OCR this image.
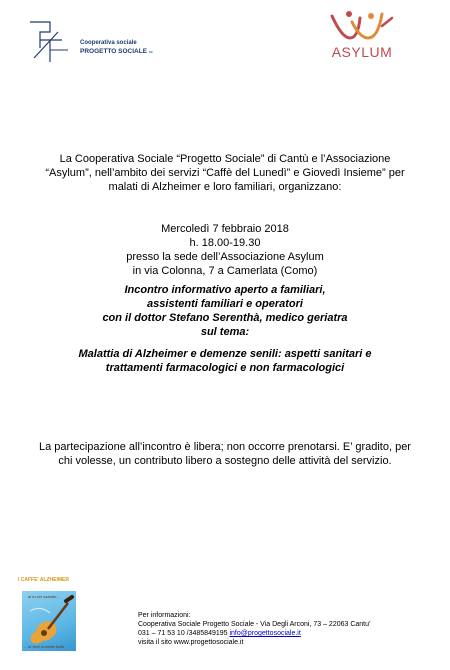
Cooperativa sociale
PROGETTO SOCIALE sc	ASYLUM
La Cooperativa Sociale “Progetto Sociale” di Cantù e l’Associazione
“Asylum”, nell’ambito dei servizi “Caffè del Lunedì” e Giovedì Insieme” per
malati di Alzheimer e loro familiari, organizzano:
Mercoledì 7 febbraio 2018
h. 18.00-19.30
presso la sede dell’Associazione Asylum
in via Colonna, 7 a Camerlata (Como)
Incontro informativo aperto a familiari,
assistenti familiari e operatori
con il dottor Stefano Serenthà, medico geriatra
sul tema:
Malattia di Alzheimer e demenze senili: aspetti sanitari e
trattamenti farmacologici e non farmacologici
La partecipazione all’incontro è libera; non occorre prenotarsi. E’ gradito, per
chi volesse, un contributo libero a sostegno delle attività del servizio.
I CAFFE' ALZHEIMER
ai tu ser ssando...
... tu' voce la chiede fiorita
Per informazioni:
Cooperativa Sociale Progetto Sociale - Via Degli Arconi, 73 – 22063 Cantu’
031 – 71 53 10 /3485849195 info@progettosociale.it
visita il sito www.progettosociale.it
